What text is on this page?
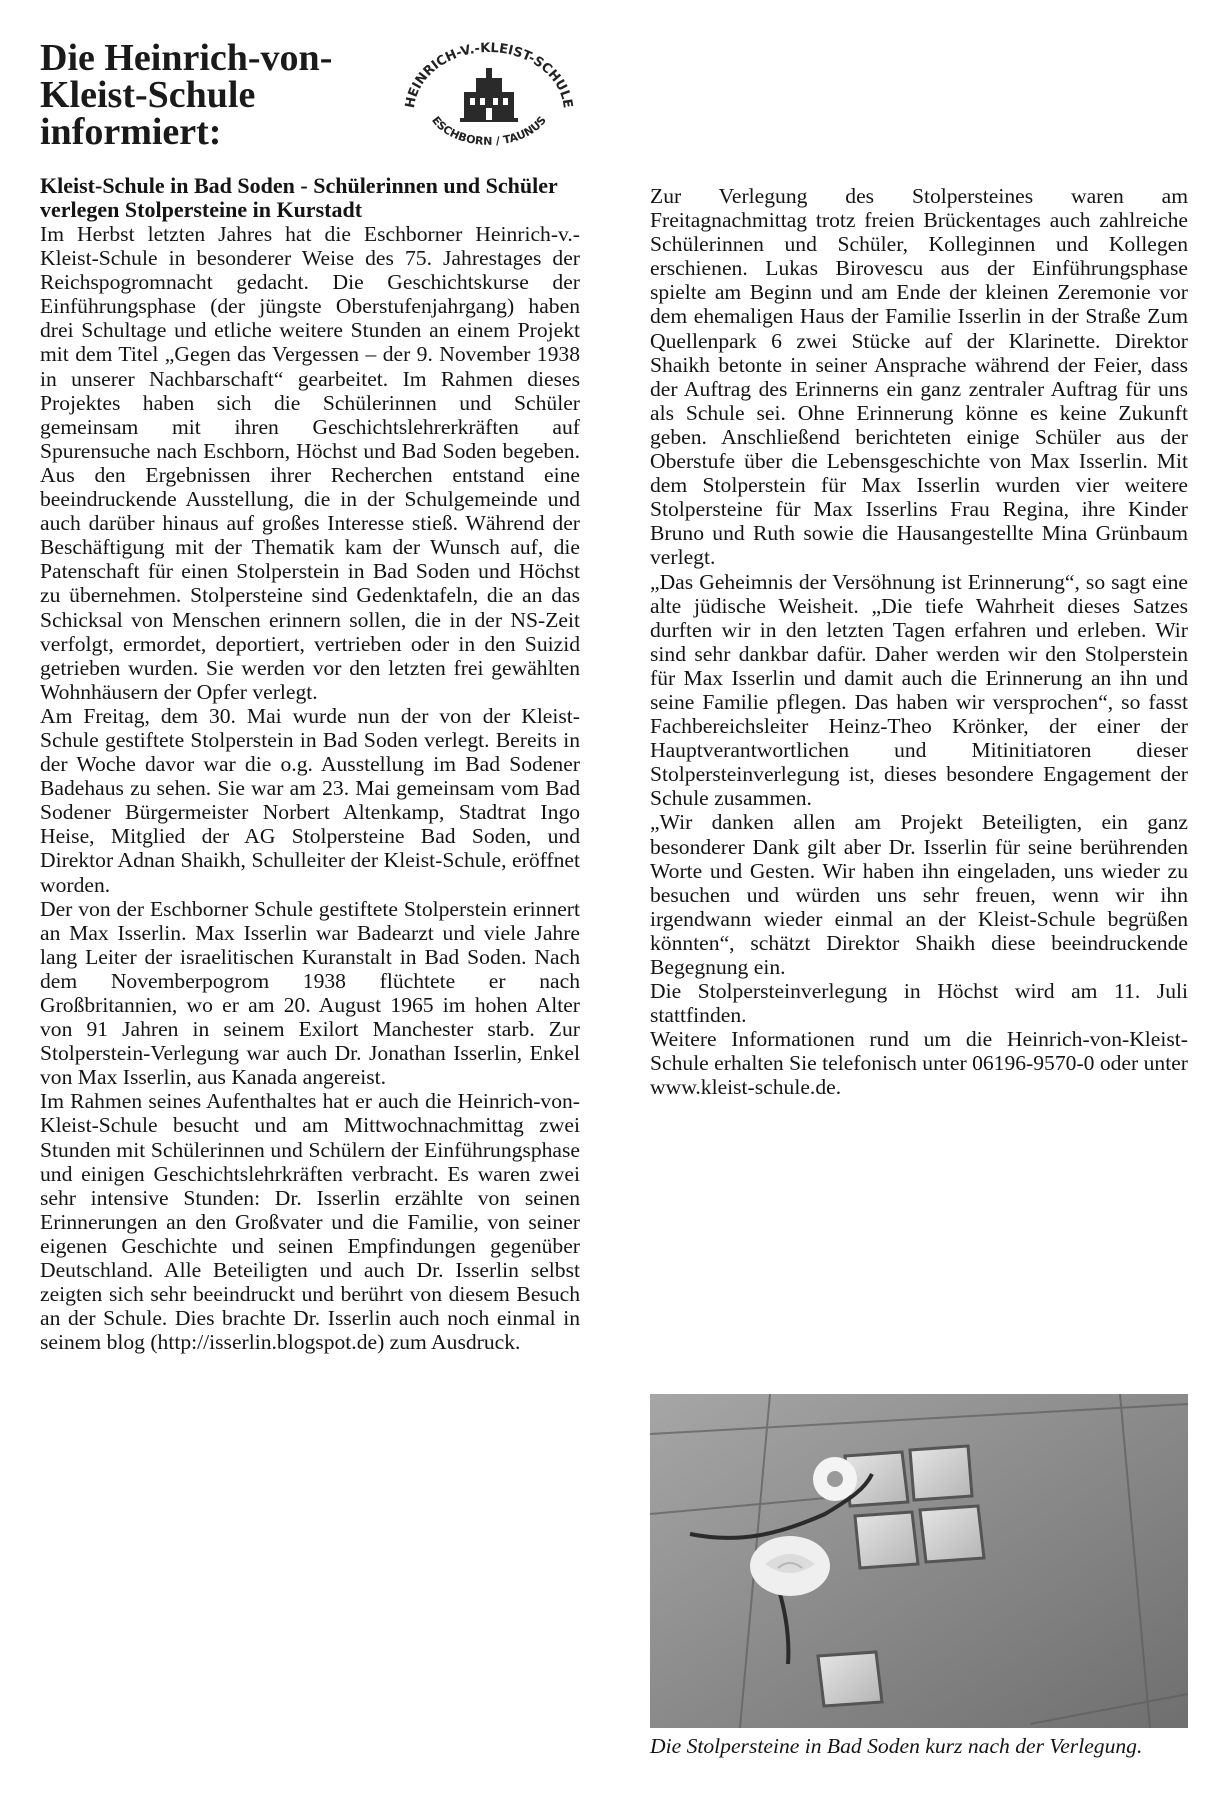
Die Heinrich-von-
Kleist-Schule
informiert:
HEINRICH-V.-KLEIST-SCHULE
ESCHBORN / TAUNUS
Kleist-Schule in Bad Soden - Schülerinnen und Schüler verlegen Stolpersteine in Kurstadt

Im Herbst letzten Jahres hat die Eschborner Heinrich-v.-Kleist-Schule in besonderer Weise des 75. Jahrestages der Reichspogromnacht gedacht. Die Geschichtskurse der Einführungsphase (der jüngste Oberstufenjahrgang) haben drei Schultage und etliche weitere Stunden an einem Projekt mit dem Titel „Gegen das Vergessen – der 9. November 1938 in unserer Nachbarschaft“ gearbeitet. Im Rahmen dieses Projektes haben sich die Schülerinnen und Schüler gemeinsam mit ihren Geschichtslehrerkräften auf Spurensuche nach Eschborn, Höchst und Bad Soden begeben. Aus den Ergebnissen ihrer Recherchen entstand eine beeindruckende Ausstellung, die in der Schulgemeinde und auch darüber hinaus auf großes Interesse stieß. Während der Beschäftigung mit der Thematik kam der Wunsch auf, die Patenschaft für einen Stolperstein in Bad Soden und Höchst zu übernehmen. Stolpersteine sind Gedenktafeln, die an das Schicksal von Menschen erinnern sollen, die in der NS-Zeit verfolgt, ermordet, deportiert, vertrieben oder in den Suizid getrieben wurden. Sie werden vor den letzten frei gewählten Wohnhäusern der Opfer verlegt.

Am Freitag, dem 30. Mai wurde nun der von der Kleist-Schule gestiftete Stolperstein in Bad Soden verlegt. Bereits in der Woche davor war die o.g. Ausstellung im Bad Sodener Badehaus zu sehen. Sie war am 23. Mai gemeinsam vom Bad Sodener Bürgermeister Norbert Altenkamp, Stadtrat Ingo Heise, Mitglied der AG Stolpersteine Bad Soden, und Direktor Adnan Shaikh, Schulleiter der Kleist-Schule, eröffnet worden.

Der von der Eschborner Schule gestiftete Stolperstein erinnert an Max Isserlin. Max Isserlin war Badearzt und viele Jahre lang Leiter der israelitischen Kuranstalt in Bad Soden. Nach dem Novemberpogrom 1938 flüchtete er nach Großbritannien, wo er am 20. August 1965 im hohen Alter von 91 Jahren in seinem Exilort Manchester starb. Zur Stolperstein-Verlegung war auch Dr. Jonathan Isserlin, Enkel von Max Isserlin, aus Kanada angereist.

Im Rahmen seines Aufenthaltes hat er auch die Heinrich-von-Kleist-Schule besucht und am Mittwochnachmittag zwei Stunden mit Schülerinnen und Schülern der Einführungsphase und einigen Geschichtslehrkräften verbracht. Es waren zwei sehr intensive Stunden: Dr. Isserlin erzählte von seinen Erinnerungen an den Großvater und die Familie, von seiner eigenen Geschichte und seinen Empfindungen gegenüber Deutschland. Alle Beteiligten und auch Dr. Isserlin selbst zeigten sich sehr beeindruckt und berührt von diesem Besuch an der Schule. Dies brachte Dr. Isserlin auch noch einmal in seinem blog (http://isserlin.blogspot.de) zum Ausdruck.

Zur Verlegung des Stolpersteines waren am Freitagnachmittag trotz freien Brückentages auch zahlreiche Schülerinnen und Schüler, Kolleginnen und Kollegen erschienen. Lukas Birovescu aus der Einführungsphase spielte am Beginn und am Ende der kleinen Zeremonie vor dem ehemaligen Haus der Familie Isserlin in der Straße Zum Quellenpark 6 zwei Stücke auf der Klarinette. Direktor Shaikh betonte in seiner Ansprache während der Feier, dass der Auftrag des Erinnerns ein ganz zentraler Auftrag für uns als Schule sei. Ohne Erinnerung könne es keine Zukunft geben. Anschließend berichteten einige Schüler aus der Oberstufe über die Lebensgeschichte von Max Isserlin. Mit dem Stolperstein für Max Isserlin wurden vier weitere Stolpersteine für Max Isserlins Frau Regina, ihre Kinder Bruno und Ruth sowie die Hausangestellte Mina Grünbaum verlegt.

„Das Geheimnis der Versöhnung ist Erinnerung“, so sagt eine alte jüdische Weisheit. „Die tiefe Wahrheit dieses Satzes durften wir in den letzten Tagen erfahren und erleben. Wir sind sehr dankbar dafür. Daher werden wir den Stolperstein für Max Isserlin und damit auch die Erinnerung an ihn und seine Familie pflegen. Das haben wir versprochen“, so fasst Fachbereichsleiter Heinz-Theo Krönker, der einer der Hauptverantwortlichen und Mitinitiatoren dieser Stolpersteinverlegung ist, dieses besondere Engagement der Schule zusammen.

„Wir danken allen am Projekt Beteiligten, ein ganz besonderer Dank gilt aber Dr. Isserlin für seine berührenden Worte und Gesten. Wir haben ihn eingeladen, uns wieder zu besuchen und würden uns sehr freuen, wenn wir ihn irgendwann wieder einmal an der Kleist-Schule begrüßen könnten“, schätzt Direktor Shaikh diese beeindruckende Begegnung ein.

Die Stolpersteinverlegung in Höchst wird am 11. Juli stattfinden.

Weitere Informationen rund um die Heinrich-von-Kleist-Schule erhalten Sie telefonisch unter 06196-9570-0 oder unter www.kleist-schule.de.

Die Stolpersteine in Bad Soden kurz nach der Verlegung.
